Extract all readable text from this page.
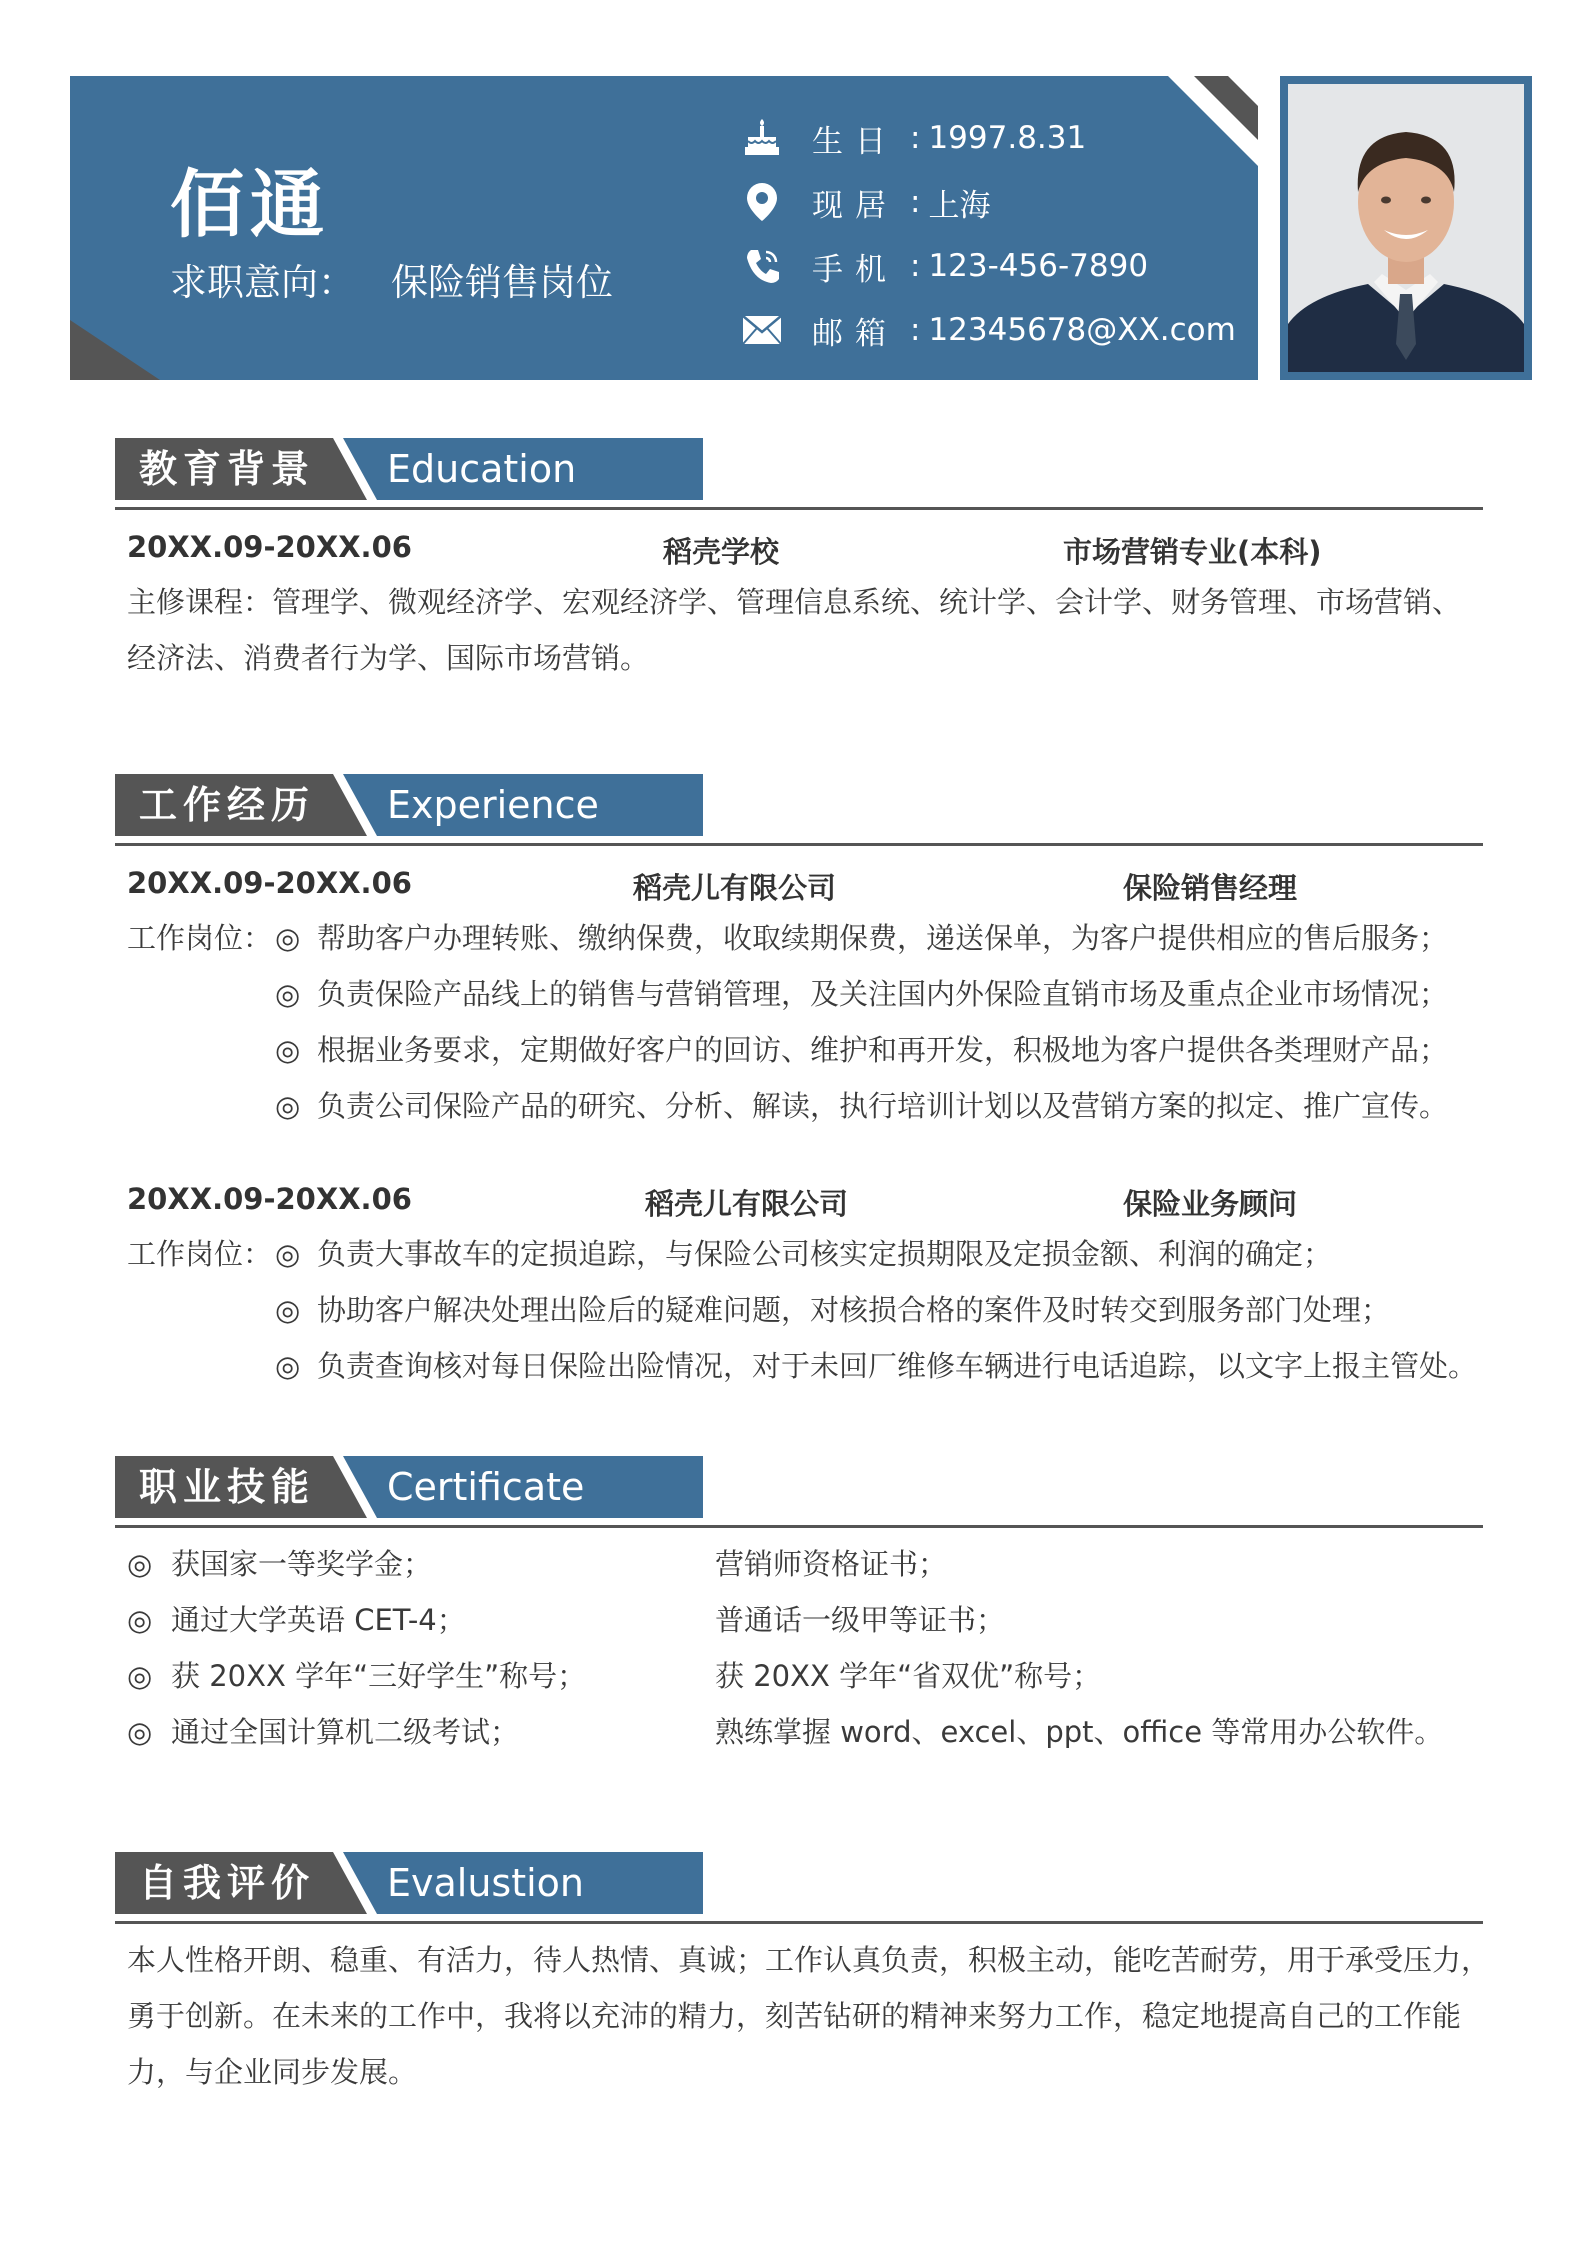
佰通
求职意向： 保险销售岗位
生日 : 1997.8.31
现居 : 上海
手机 : 123-456-7890
邮箱 : 12345678@XX.com
教育背景 Education
20XX.09-20XX.06	稻壳学校	市场营销专业(本科)
主修课程：管理学、微观经济学、宏观经济学、管理信息系统、统计学、会计学、财务管理、市场营销、
经济法、消费者行为学、国际市场营销。
工作经历 Experience
20XX.09-20XX.06	稻壳儿有限公司	保险销售经理
工作岗位： ◎ 帮助客户办理转账、缴纳保费，收取续期保费，递送保单，为客户提供相应的售后服务；
◎ 负责保险产品线上的销售与营销管理，及关注国内外保险直销市场及重点企业市场情况；
◎ 根据业务要求，定期做好客户的回访、维护和再开发，积极地为客户提供各类理财产品；
◎ 负责公司保险产品的研究、分析、解读，执行培训计划以及营销方案的拟定、推广宣传。
20XX.09-20XX.06	稻壳儿有限公司	保险业务顾问
工作岗位： ◎ 负责大事故车的定损追踪，与保险公司核实定损期限及定损金额、利润的确定；
◎ 协助客户解决处理出险后的疑难问题，对核损合格的案件及时转交到服务部门处理；
◎ 负责查询核对每日保险出险情况，对于未回厂维修车辆进行电话追踪，以文字上报主管处。
职业技能 Certificate
◎ 获国家一等奖学金；	营销师资格证书；
◎ 通过大学英语 CET-4；	普通话一级甲等证书；
◎ 获 20XX 学年“三好学生”称号；	获 20XX 学年“省双优”称号；
◎ 通过全国计算机二级考试；	熟练掌握 word、excel、ppt、office 等常用办公软件。
自我评价 Evalustion
本人性格开朗、稳重、有活力，待人热情、真诚；工作认真负责，积极主动，能吃苦耐劳，用于承受压力，
勇于创新。在未来的工作中，我将以充沛的精力，刻苦钻研的精神来努力工作，稳定地提高自己的工作能
力，与企业同步发展。
